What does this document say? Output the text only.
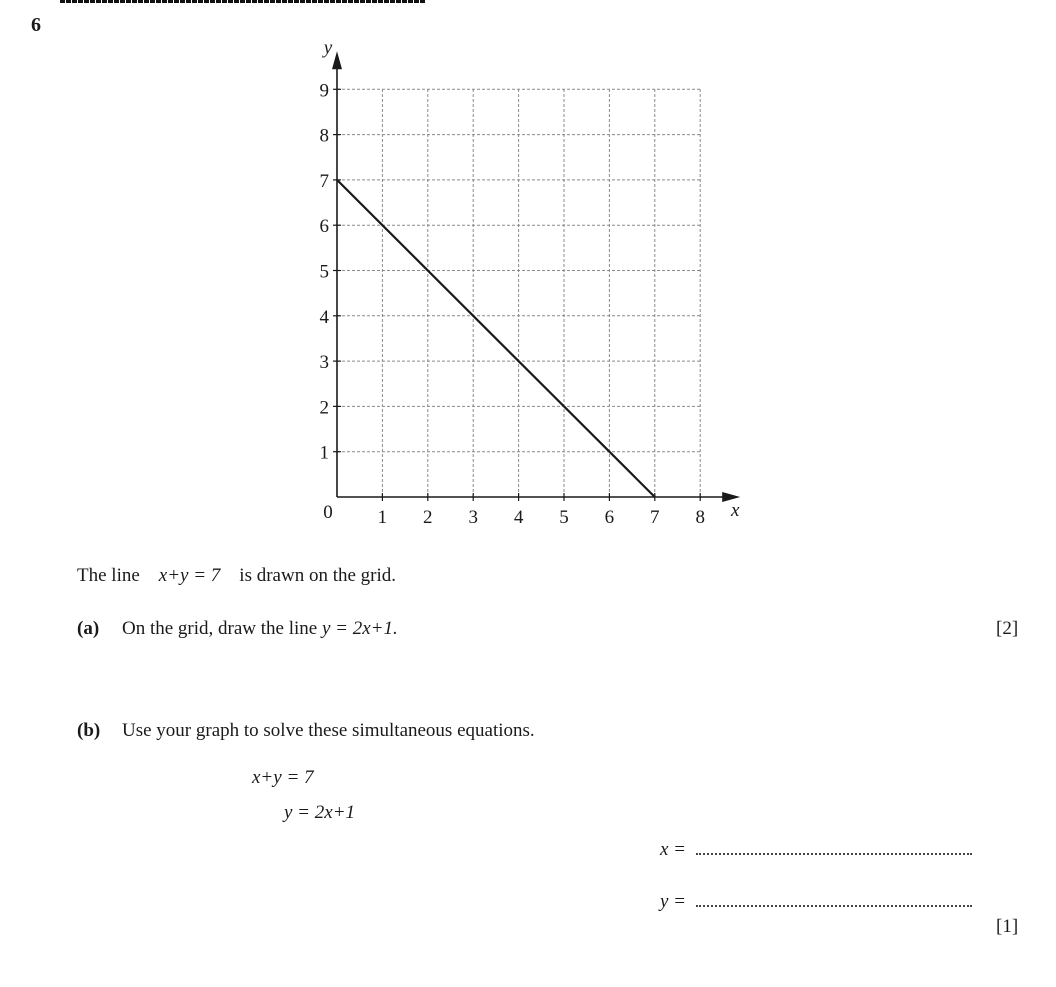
6
1 2 3 4 5 6 7 8
1
2
3
4
5
6
7
8
9
0	x
y
The line x+y = 7 is drawn on the grid.
(a) On the grid, draw the line y = 2x+1.	[2]
(b) Use your graph to solve these simultaneous equations.
x+y = 7
y = 2x+1
x =
y =
[1]
